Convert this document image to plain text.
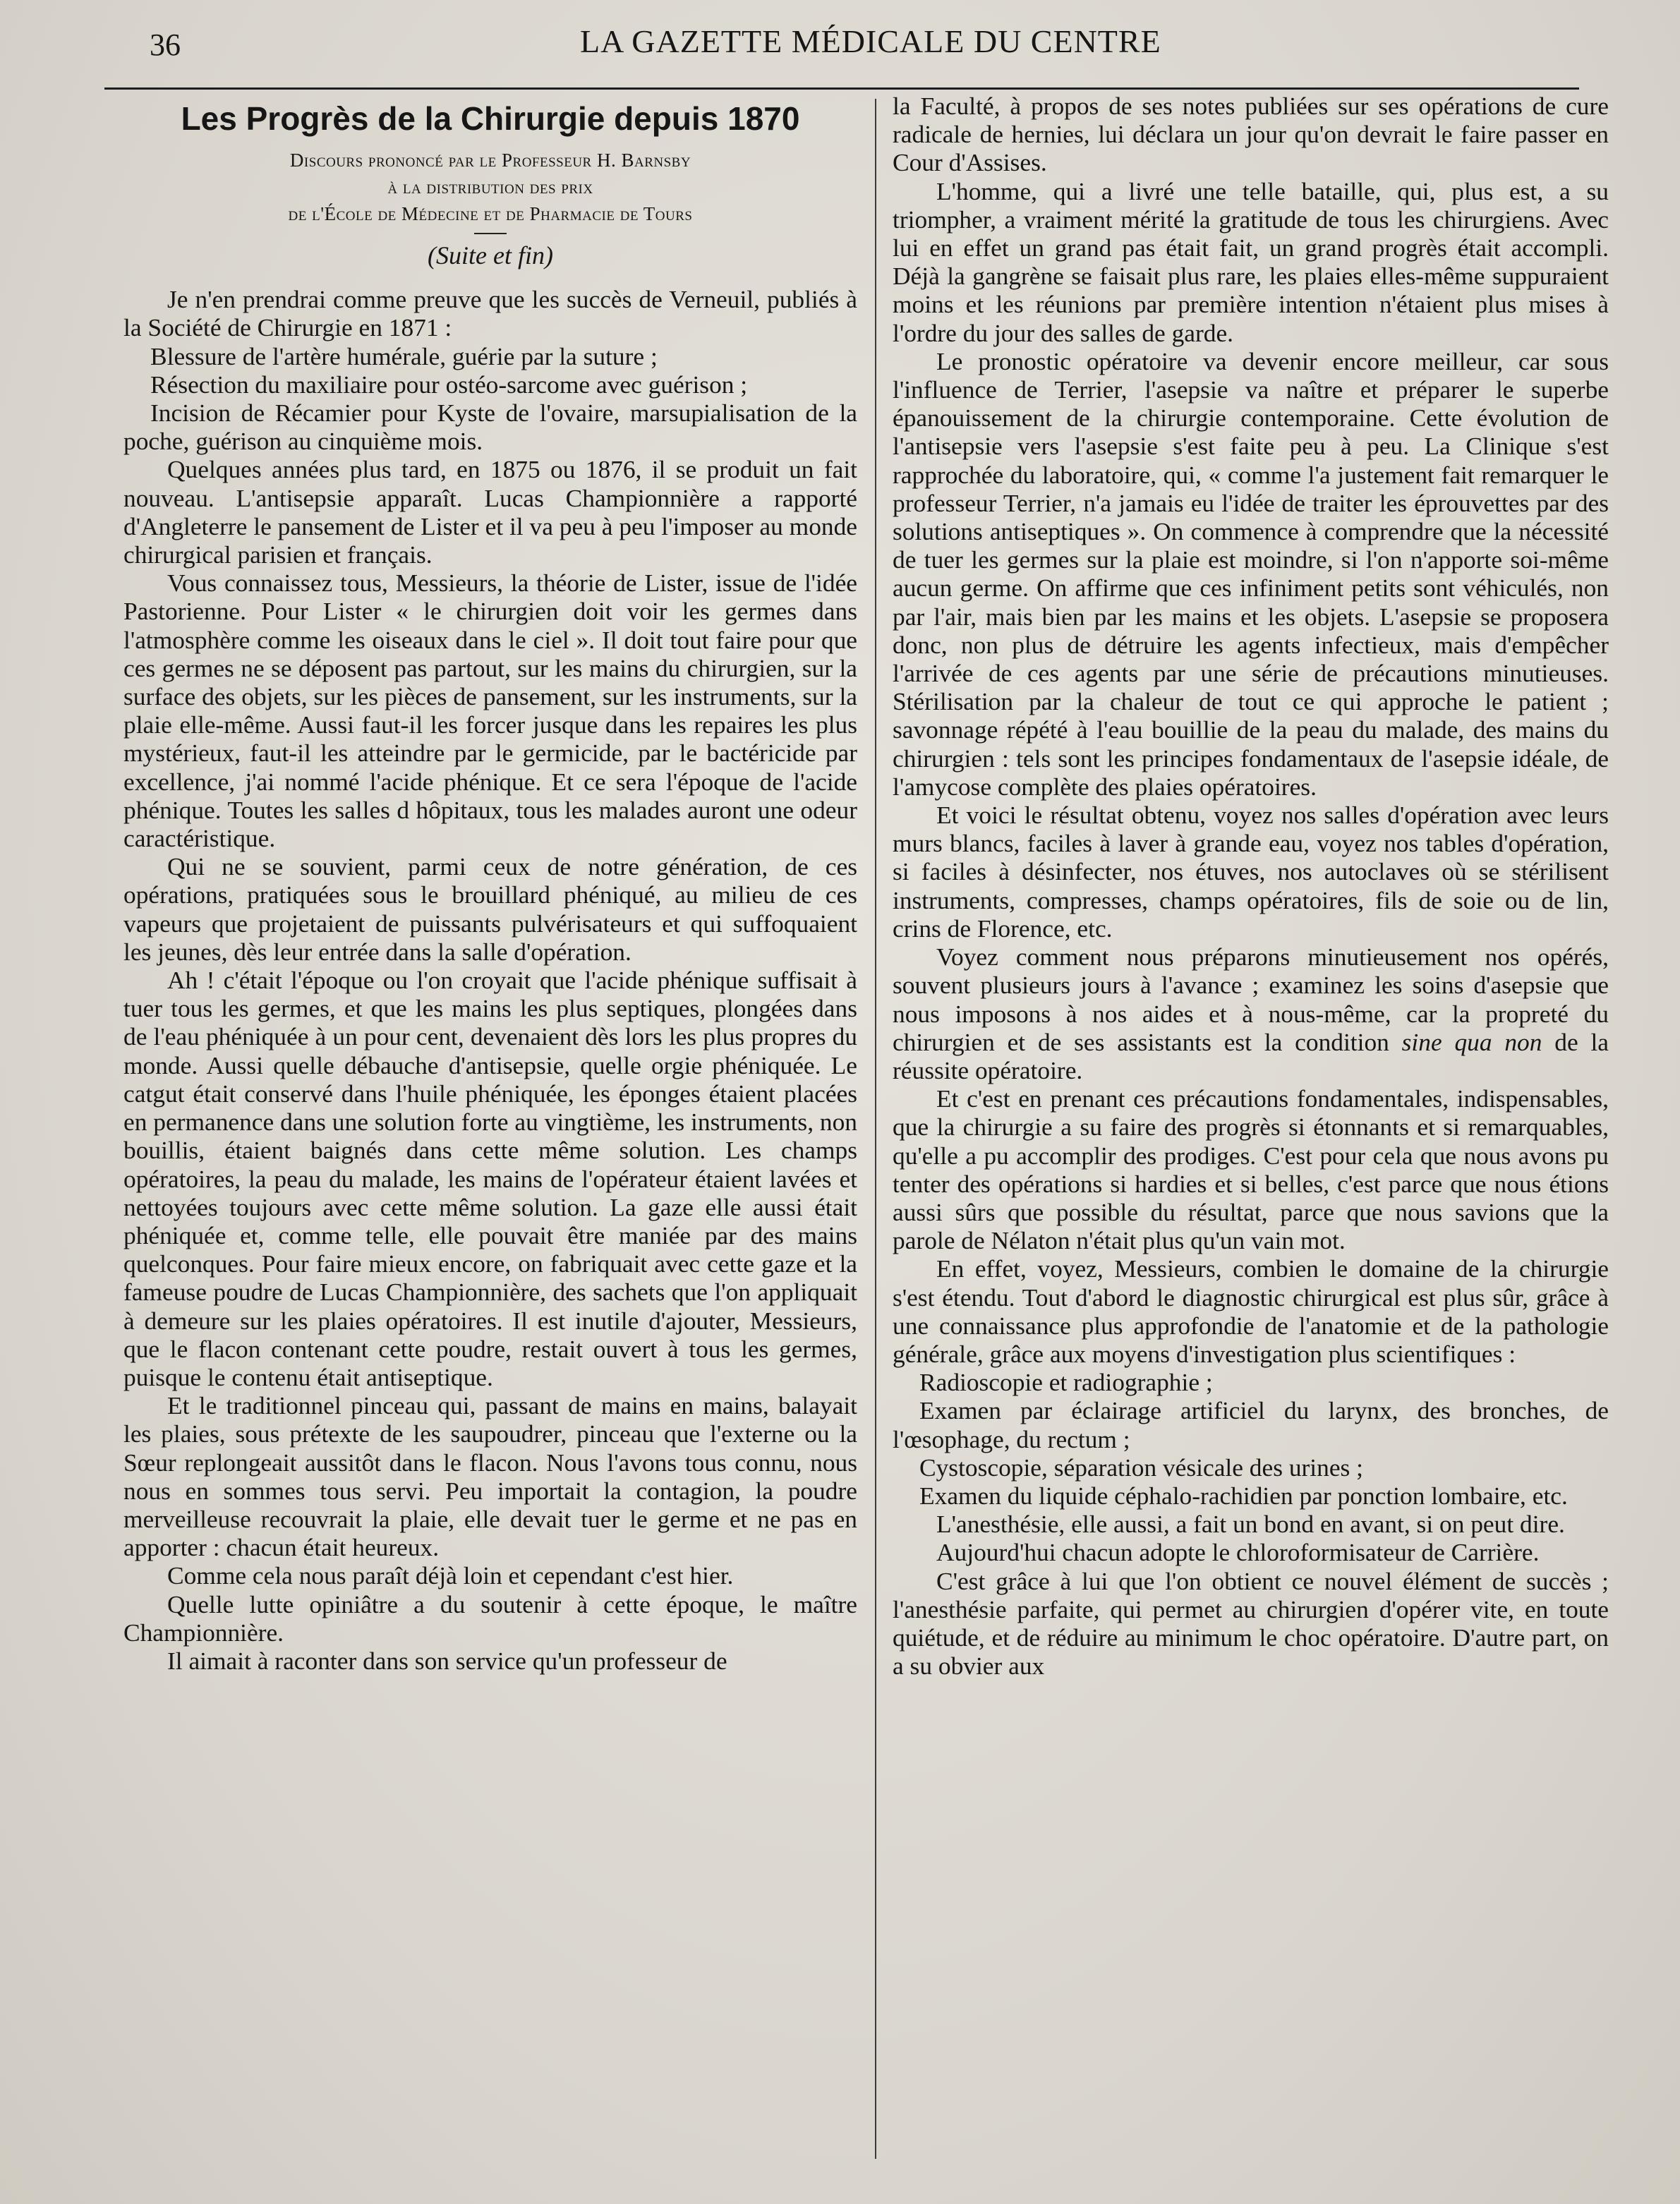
36	LA GAZETTE MÉDICALE DU CENTRE
Les Progrès de la Chirurgie depuis 1870
Discours prononcé par le Professeur H. Barnsby
à la distribution des prix
de l'École de Médecine et de Pharmacie de Tours
(Suite et fin)

Je n'en prendrai comme preuve que les succès de Verneuil, publiés à la Société de Chirurgie en 1871 :

Blessure de l'artère humérale, guérie par la suture ;

Résection du maxiliaire pour ostéo-sarcome avec guérison ;

Incision de Récamier pour Kyste de l'ovaire, marsupialisation de la poche, guérison au cinquième mois.

Quelques années plus tard, en 1875 ou 1876, il se produit un fait nouveau. L'antisepsie apparaît. Lucas Championnière a rapporté d'Angleterre le pansement de Lister et il va peu à peu l'imposer au monde chirurgical parisien et français.

Vous connaissez tous, Messieurs, la théorie de Lister, issue de l'idée Pastorienne. Pour Lister « le chirurgien doit voir les germes dans l'atmosphère comme les oiseaux dans le ciel ». Il doit tout faire pour que ces germes ne se déposent pas partout, sur les mains du chirurgien, sur la surface des objets, sur les pièces de pansement, sur les instruments, sur la plaie elle-même. Aussi faut-il les forcer jusque dans les repaires les plus mystérieux, faut-il les atteindre par le germicide, par le bactéricide par excellence, j'ai nommé l'acide phénique. Et ce sera l'époque de l'acide phénique. Toutes les salles d hôpitaux, tous les malades auront une odeur caractéristique.

Qui ne se souvient, parmi ceux de notre génération, de ces opérations, pratiquées sous le brouillard phéniqué, au milieu de ces vapeurs que projetaient de puissants pulvérisateurs et qui suffoquaient les jeunes, dès leur entrée dans la salle d'opération.

Ah ! c'était l'époque ou l'on croyait que l'acide phénique suffisait à tuer tous les germes, et que les mains les plus septiques, plongées dans de l'eau phéniquée à un pour cent, devenaient dès lors les plus propres du monde. Aussi quelle débauche d'antisepsie, quelle orgie phéniquée. Le catgut était conservé dans l'huile phéniquée, les éponges étaient placées en permanence dans une solution forte au vingtième, les instruments, non bouillis, étaient baignés dans cette même solution. Les champs opératoires, la peau du malade, les mains de l'opérateur étaient lavées et nettoyées toujours avec cette même solution. La gaze elle aussi était phéniquée et, comme telle, elle pouvait être maniée par des mains quelconques. Pour faire mieux encore, on fabriquait avec cette gaze et la fameuse poudre de Lucas Championnière, des sachets que l'on appliquait à demeure sur les plaies opératoires. Il est inutile d'ajouter, Messieurs, que le flacon contenant cette poudre, restait ouvert à tous les germes, puisque le contenu était antiseptique.

Et le traditionnel pinceau qui, passant de mains en mains, balayait les plaies, sous prétexte de les saupoudrer, pinceau que l'externe ou la Sœur replongeait aussitôt dans le flacon. Nous l'avons tous connu, nous nous en sommes tous servi. Peu importait la contagion, la poudre merveilleuse recouvrait la plaie, elle devait tuer le germe et ne pas en apporter : chacun était heureux.

Comme cela nous paraît déjà loin et cependant c'est hier.

Quelle lutte opiniâtre a du soutenir à cette époque, le maître Championnière.

Il aimait à raconter dans son service qu'un professeur de

la Faculté, à propos de ses notes publiées sur ses opérations de cure radicale de hernies, lui déclara un jour qu'on devrait le faire passer en Cour d'Assises.

L'homme, qui a livré une telle bataille, qui, plus est, a su triompher, a vraiment mérité la gratitude de tous les chirurgiens. Avec lui en effet un grand pas était fait, un grand progrès était accompli. Déjà la gangrène se faisait plus rare, les plaies elles-même suppuraient moins et les réunions par première intention n'étaient plus mises à l'ordre du jour des salles de garde.

Le pronostic opératoire va devenir encore meilleur, car sous l'influence de Terrier, l'asepsie va naître et préparer le superbe épanouissement de la chirurgie contemporaine. Cette évolution de l'antisepsie vers l'asepsie s'est faite peu à peu. La Clinique s'est rapprochée du laboratoire, qui, « comme l'a justement fait remarquer le professeur Terrier, n'a jamais eu l'idée de traiter les éprouvettes par des solutions antiseptiques ». On commence à comprendre que la nécessité de tuer les germes sur la plaie est moindre, si l'on n'apporte soi-même aucun germe. On affirme que ces infiniment petits sont véhiculés, non par l'air, mais bien par les mains et les objets. L'asepsie se proposera donc, non plus de détruire les agents infectieux, mais d'empêcher l'arrivée de ces agents par une série de précautions minutieuses. Stérilisation par la chaleur de tout ce qui approche le patient ; savonnage répété à l'eau bouillie de la peau du malade, des mains du chirurgien : tels sont les principes fondamentaux de l'asepsie idéale, de l'amycose complète des plaies opératoires.

Et voici le résultat obtenu, voyez nos salles d'opération avec leurs murs blancs, faciles à laver à grande eau, voyez nos tables d'opération, si faciles à désinfecter, nos étuves, nos autoclaves où se stérilisent instruments, compresses, champs opératoires, fils de soie ou de lin, crins de Florence, etc.

Voyez comment nous préparons minutieusement nos opérés, souvent plusieurs jours à l'avance ; examinez les soins d'asepsie que nous imposons à nos aides et à nous-même, car la propreté du chirurgien et de ses assistants est la condition sine qua non de la réussite opératoire.

Et c'est en prenant ces précautions fondamentales, indispensables, que la chirurgie a su faire des progrès si étonnants et si remarquables, qu'elle a pu accomplir des prodiges. C'est pour cela que nous avons pu tenter des opérations si hardies et si belles, c'est parce que nous étions aussi sûrs que possible du résultat, parce que nous savions que la parole de Nélaton n'était plus qu'un vain mot.

En effet, voyez, Messieurs, combien le domaine de la chirurgie s'est étendu. Tout d'abord le diagnostic chirurgical est plus sûr, grâce à une connaissance plus approfondie de l'anatomie et de la pathologie générale, grâce aux moyens d'investigation plus scientifiques :

Radioscopie et radiographie ;

Examen par éclairage artificiel du larynx, des bronches, de l'œsophage, du rectum ;

Cystoscopie, séparation vésicale des urines ;

Examen du liquide céphalo-rachidien par ponction lombaire, etc.

L'anesthésie, elle aussi, a fait un bond en avant, si on peut dire.

Aujourd'hui chacun adopte le chloroformisateur de Carrière.

C'est grâce à lui que l'on obtient ce nouvel élément de succès ; l'anesthésie parfaite, qui permet au chirurgien d'opérer vite, en toute quiétude, et de réduire au minimum le choc opératoire. D'autre part, on a su obvier aux
